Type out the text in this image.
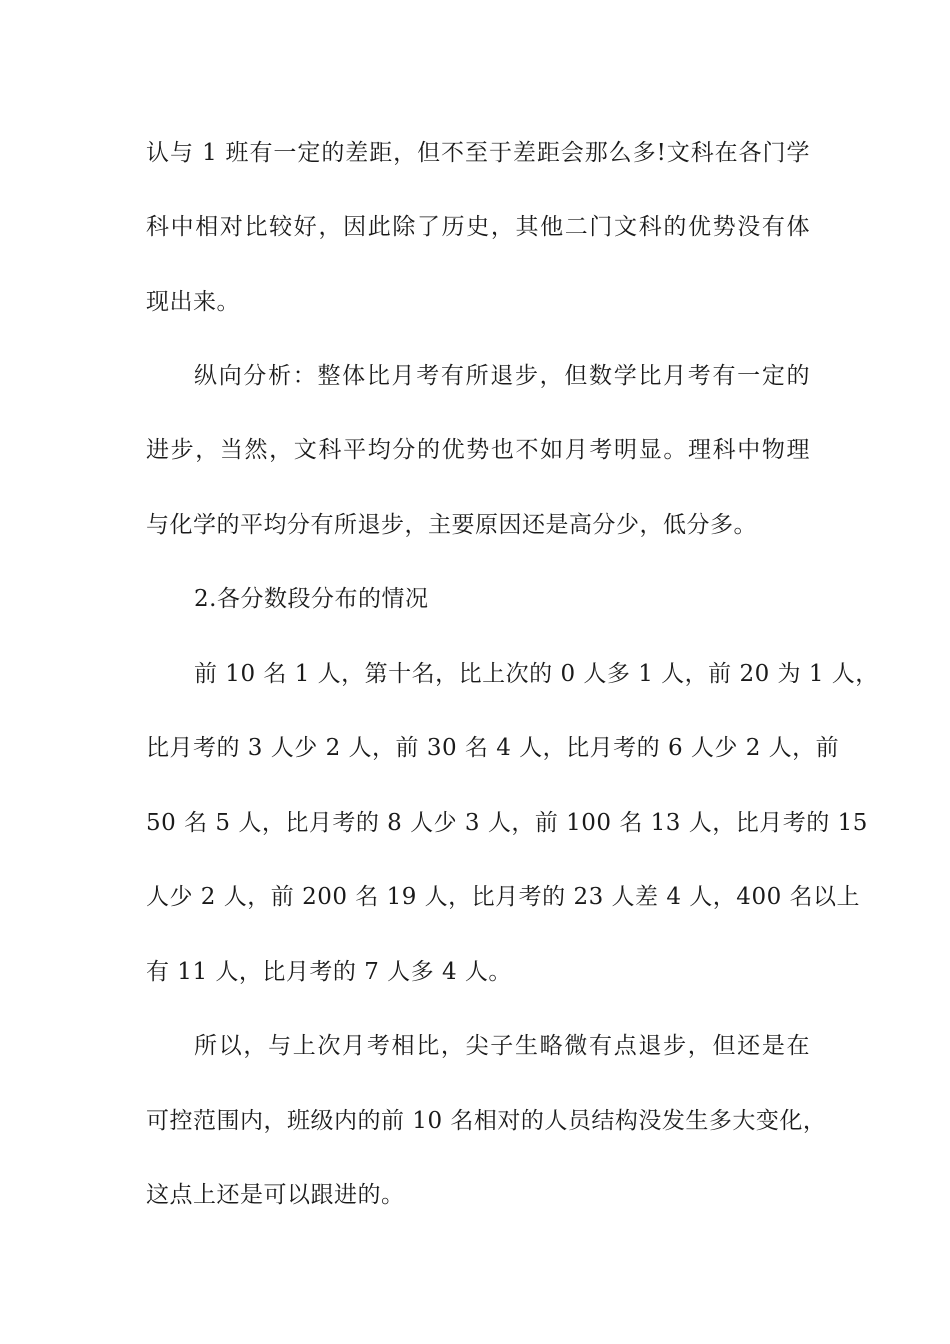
认与 1 班有一定的差距，但不至于差距会那么多!文科在各门学
科中相对比较好，因此除了历史，其他二门文科的优势没有体
现出来。
纵向分析：整体比月考有所退步，但数学比月考有一定的
进步，当然，文科平均分的优势也不如月考明显。理科中物理
与化学的平均分有所退步，主要原因还是高分少，低分多。
2.各分数段分布的情况
前 10 名 1 人，第十名，比上次的 0 人多 1 人，前 20 为 1 人，
比月考的 3 人少 2 人，前 30 名 4 人，比月考的 6 人少 2 人，前
50 名 5 人，比月考的 8 人少 3 人，前 100 名 13 人，比月考的 15
人少 2 人，前 200 名 19 人，比月考的 23 人差 4 人，400 名以上
有 11 人，比月考的 7 人多 4 人。
所以，与上次月考相比，尖子生略微有点退步，但还是在
可控范围内，班级内的前 10 名相对的人员结构没发生多大变化，
这点上还是可以跟进的。
